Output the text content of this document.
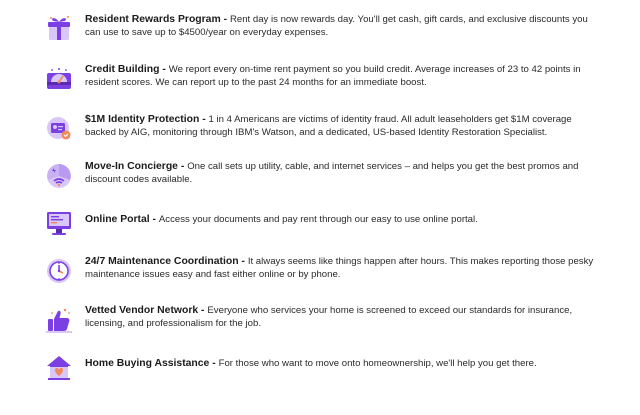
Resident Rewards Program - Rent day is now rewards day. You'll get cash, gift cards, and exclusive discounts you can use to save up to $4500/year on everyday expenses.
Credit Building - We report every on-time rent payment so you build credit. Average increases of 23 to 42 points in resident scores. We can report up to the past 24 months for an immediate boost.
$1M Identity Protection - 1 in 4 Americans are victims of identity fraud. All adult leaseholders get $1M coverage backed by AIG, monitoring through IBM's Watson, and a dedicated, US-based Identity Restoration Specialist.
Move-In Concierge - One call sets up utility, cable, and internet services – and helps you get the best promos and discount codes available.
Online Portal - Access your documents and pay rent through our easy to use online portal.
24/7 Maintenance Coordination - It always seems like things happen after hours. This makes reporting those pesky maintenance issues easy and fast either online or by phone.
Vetted Vendor Network - Everyone who services your home is screened to exceed our standards for insurance, licensing, and professionalism for the job.
Home Buying Assistance - For those who want to move onto homeownership, we'll help you get there.
